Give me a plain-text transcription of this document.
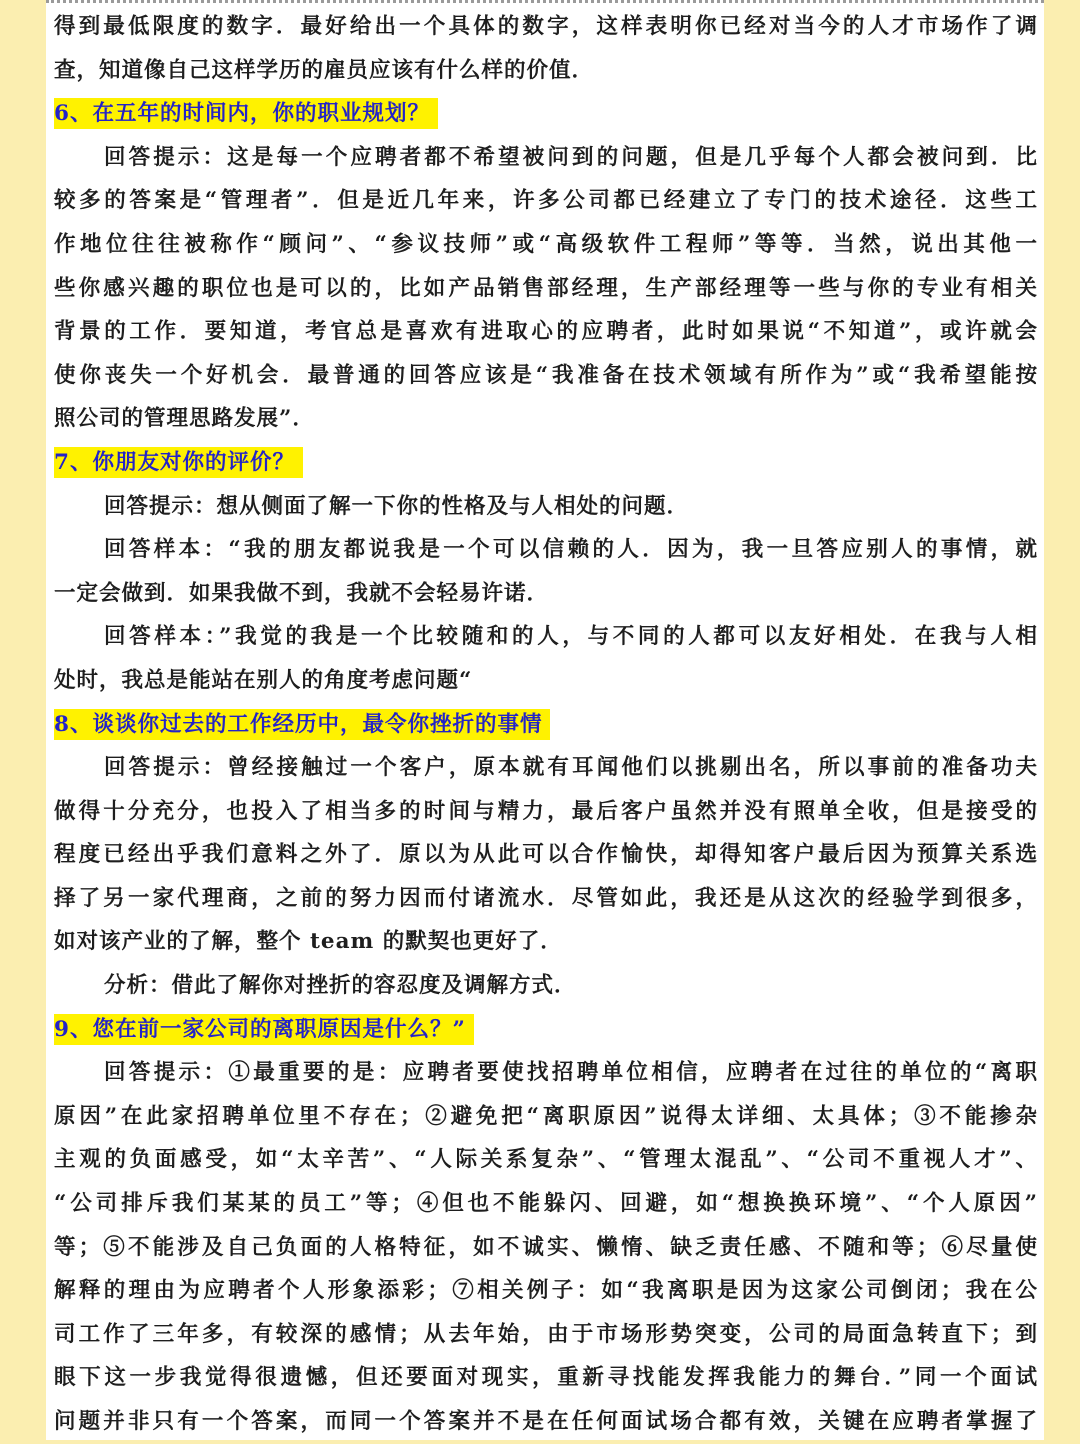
得到最低限度的数字．最好给出一个具体的数字，这样表明你已经对当今的人才市场作了调
查，知道像自己这样学历的雇员应该有什么样的价值．
6、在五年的时间内，你的职业规划？
回答提示：这是每一个应聘者都不希望被问到的问题，但是几乎每个人都会被问到．比
较多的答案是“管理者”．但是近几年来，许多公司都已经建立了专门的技术途径．这些工
作地位往往被称作“顾问”、“参议技师”或“高级软件工程师”等等．当然，说出其他一
些你感兴趣的职位也是可以的，比如产品销售部经理，生产部经理等一些与你的专业有相关
背景的工作．要知道，考官总是喜欢有进取心的应聘者，此时如果说“不知道”，或许就会
使你丧失一个好机会．最普通的回答应该是“我准备在技术领域有所作为”或“我希望能按
照公司的管理思路发展”．
7、你朋友对你的评价？
回答提示：想从侧面了解一下你的性格及与人相处的问题．
回答样本：“我的朋友都说我是一个可以信赖的人．因为，我一旦答应别人的事情，就
一定会做到．如果我做不到，我就不会轻易许诺．
回答样本：”我觉的我是一个比较随和的人，与不同的人都可以友好相处．在我与人相
处时，我总是能站在别人的角度考虑问题“
8、谈谈你过去的工作经历中，最令你挫折的事情
回答提示：曾经接触过一个客户，原本就有耳闻他们以挑剔出名，所以事前的准备功夫
做得十分充分，也投入了相当多的时间与精力，最后客户虽然并没有照单全收，但是接受的
程度已经出乎我们意料之外了．原以为从此可以合作愉快，却得知客户最后因为预算关系选
择了另一家代理商，之前的努力因而付诸流水．尽管如此，我还是从这次的经验学到很多，
如对该产业的了解，整个 team 的默契也更好了．
分析：借此了解你对挫折的容忍度及调解方式．
9、您在前一家公司的离职原因是什么？”
回答提示：①最重要的是：应聘者要使找招聘单位相信，应聘者在过往的单位的“离职
原因”在此家招聘单位里不存在；②避免把“离职原因”说得太详细、太具体；③不能掺杂
主观的负面感受，如“太辛苦”、“人际关系复杂”、“管理太混乱”、“公司不重视人才”、
“公司排斥我们某某的员工”等；④但也不能躲闪、回避，如“想换换环境”、“个人原因”
等；⑤不能涉及自己负面的人格特征，如不诚实、懒惰、缺乏责任感、不随和等；⑥尽量使
解释的理由为应聘者个人形象添彩；⑦相关例子：如“我离职是因为这家公司倒闭；我在公
司工作了三年多，有较深的感情；从去年始，由于市场形势突变，公司的局面急转直下；到
眼下这一步我觉得很遗憾，但还要面对现实，重新寻找能发挥我能力的舞台．”同一个面试
问题并非只有一个答案，而同一个答案并不是在任何面试场合都有效，关键在应聘者掌握了
